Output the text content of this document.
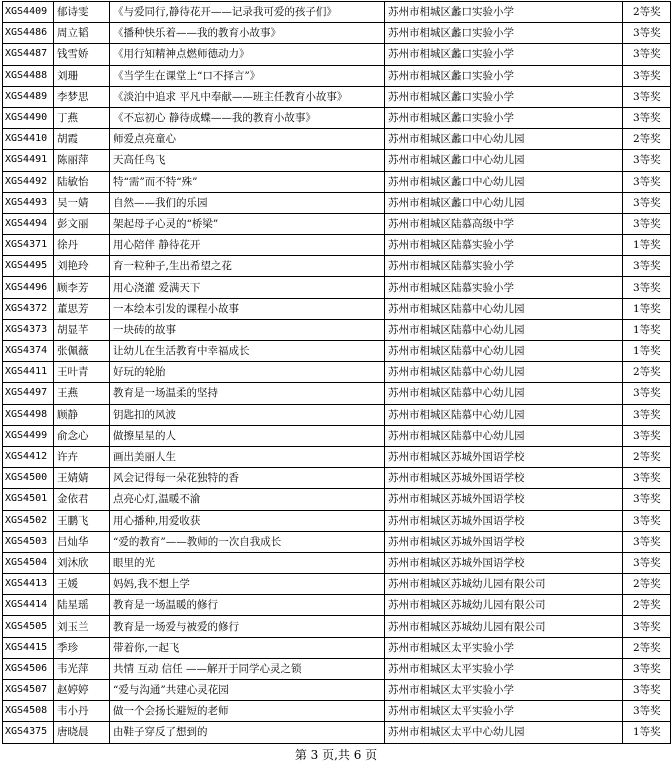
XGS4409	郁诗雯	《与爱同行,静待花开——记录我可爱的孩子们》	苏州市相城区蠡口实验小学	2等奖
XGS4486	周立韬	《播种快乐着——我的教育小故事》	苏州市相城区蠡口实验小学	3等奖
XGS4487	钱雪娇	《用行知精神点燃师德动力》	苏州市相城区蠡口实验小学	3等奖
XGS4488	刘珊	《当学生在课堂上“口不择言”》	苏州市相城区蠡口实验小学	3等奖
XGS4489	李梦思	《淡泊中追求 平凡中奉献——班主任教育小故事》	苏州市相城区蠡口实验小学	3等奖
XGS4490	丁燕	《不忘初心 静待成蝶——我的教育小故事》	苏州市相城区蠡口实验小学	3等奖
XGS4410	胡霞	师爱点亮童心	苏州市相城区蠡口中心幼儿园	2等奖
XGS4491	陈丽萍	天高任鸟飞	苏州市相城区蠡口中心幼儿园	3等奖
XGS4492	陆敏怡	特“需”而不特“殊”	苏州市相城区蠡口中心幼儿园	3等奖
XGS4493	吴一婧	自然——我们的乐园	苏州市相城区蠡口中心幼儿园	3等奖
XGS4494	彭文丽	架起母子心灵的“桥梁”	苏州市相城区陆慕高级中学	3等奖
XGS4371	徐丹	用心陪伴 静待花开	苏州市相城区陆慕实验小学	1等奖
XGS4495	刘艳玲	育一粒种子,生出希望之花	苏州市相城区陆慕实验小学	3等奖
XGS4496	顾李芳	用心浇灌 爱满天下	苏州市相城区陆慕实验小学	3等奖
XGS4372	董思芳	一本绘本引发的课程小故事	苏州市相城区陆慕中心幼儿园	1等奖
XGS4373	胡显芊	一块砖的故事	苏州市相城区陆慕中心幼儿园	1等奖
XGS4374	张佩薇	让幼儿在生活教育中幸福成长	苏州市相城区陆慕中心幼儿园	1等奖
XGS4411	王叶青	好玩的轮胎	苏州市相城区陆慕中心幼儿园	2等奖
XGS4497	王燕	教育是一场温柔的坚持	苏州市相城区陆慕中心幼儿园	3等奖
XGS4498	顾静	钥匙扣的风波	苏州市相城区陆慕中心幼儿园	3等奖
XGS4499	俞念心	做擦星星的人	苏州市相城区陆慕中心幼儿园	3等奖
XGS4412	许卉	画出美丽人生	苏州市相城区苏城外国语学校	2等奖
XGS4500	王婧婧	风会记得每一朵花独特的香	苏州市相城区苏城外国语学校	3等奖
XGS4501	金依君	点亮心灯,温暖不渝	苏州市相城区苏城外国语学校	3等奖
XGS4502	王鹏飞	用心播种,用爱收获	苏州市相城区苏城外国语学校	3等奖
XGS4503	吕灿华	“爱的教育”——教师的一次自我成长	苏州市相城区苏城外国语学校	3等奖
XGS4504	刘沐欣	眼里的光	苏州市相城区苏城外国语学校	3等奖
XGS4413	王媛	妈妈,我不想上学	苏州市相城区苏城幼儿园有限公司	2等奖
XGS4414	陆星瑶	教育是一场温暖的修行	苏州市相城区苏城幼儿园有限公司	2等奖
XGS4505	刘玉兰	教育是一场爱与被爱的修行	苏州市相城区苏城幼儿园有限公司	3等奖
XGS4415	季珍	带着你,一起飞	苏州市相城区太平实验小学	2等奖
XGS4506	韦光萍	共情 互动 信任 ——解开于同学心灵之锁	苏州市相城区太平实验小学	3等奖
XGS4507	赵婷婷	“爱与沟通”共建心灵花园	苏州市相城区太平实验小学	3等奖
XGS4508	韦小丹	做一个会扬长避短的老师	苏州市相城区太平实验小学	3等奖
XGS4375	唐晓晨	由鞋子穿反了想到的	苏州市相城区太平中心幼儿园	1等奖
第 3 页,共 6 页
